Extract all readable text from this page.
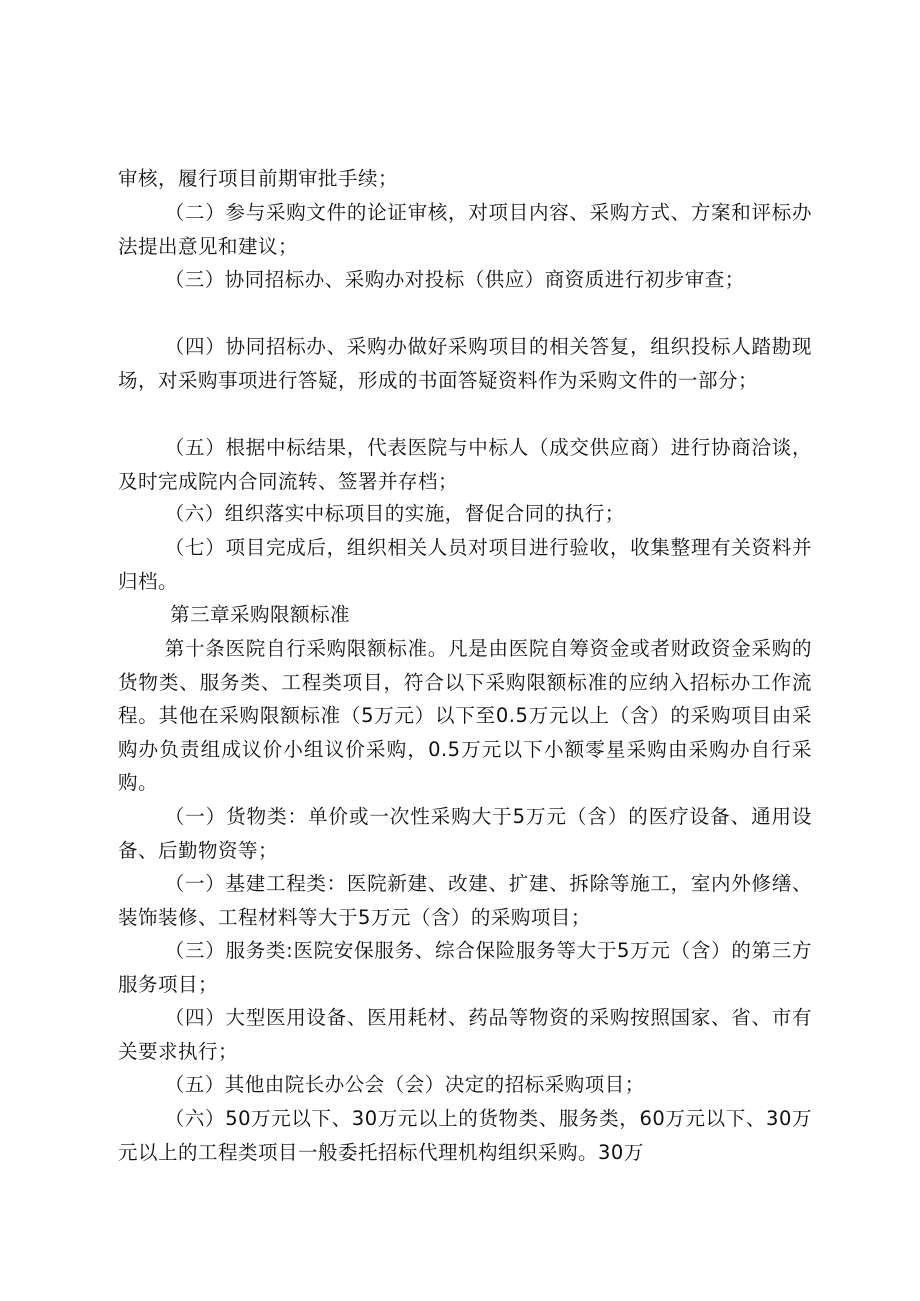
审核，履行项目前期审批手续；

（二）参与采购文件的论证审核，对项目内容、采购方式、方案和评标办法提出意见和建议；

（三）协同招标办、采购办对投标（供应）商资质进行初步审查；

（四）协同招标办、采购办做好采购项目的相关答复，组织投标人踏勘现场，对采购事项进行答疑，形成的书面答疑资料作为采购文件的一部分；

（五）根据中标结果，代表医院与中标人（成交供应商）进行协商洽谈，及时完成院内合同流转、签署并存档；

（六）组织落实中标项目的实施，督促合同的执行；

（七）项目完成后，组织相关人员对项目进行验收，收集整理有关资料并归档。

第三章采购限额标准

第十条医院自行采购限额标准。凡是由医院自筹资金或者财政资金采购的货物类、服务类、工程类项目，符合以下采购限额标准的应纳入招标办工作流程。其他在采购限额标准（5万元）以下至0.5万元以上（含）的采购项目由采购办负责组成议价小组议价采购，0.5万元以下小额零星采购由采购办自行采购。

（一）货物类：单价或一次性采购大于5万元（含）的医疗设备、通用设备、后勤物资等；

（一）基建工程类：医院新建、改建、扩建、拆除等施工，室内外修缮、装饰装修、工程材料等大于5万元（含）的采购项目；

（三）服务类:医院安保服务、综合保险服务等大于5万元（含）的第三方服务项目；

（四）大型医用设备、医用耗材、药品等物资的采购按照国家、省、市有关要求执行；

（五）其他由院长办公会（会）决定的招标采购项目；

（六）50万元以下、30万元以上的货物类、服务类，60万元以下、30万元以上的工程类项目一般委托招标代理机构组织采购。30万
